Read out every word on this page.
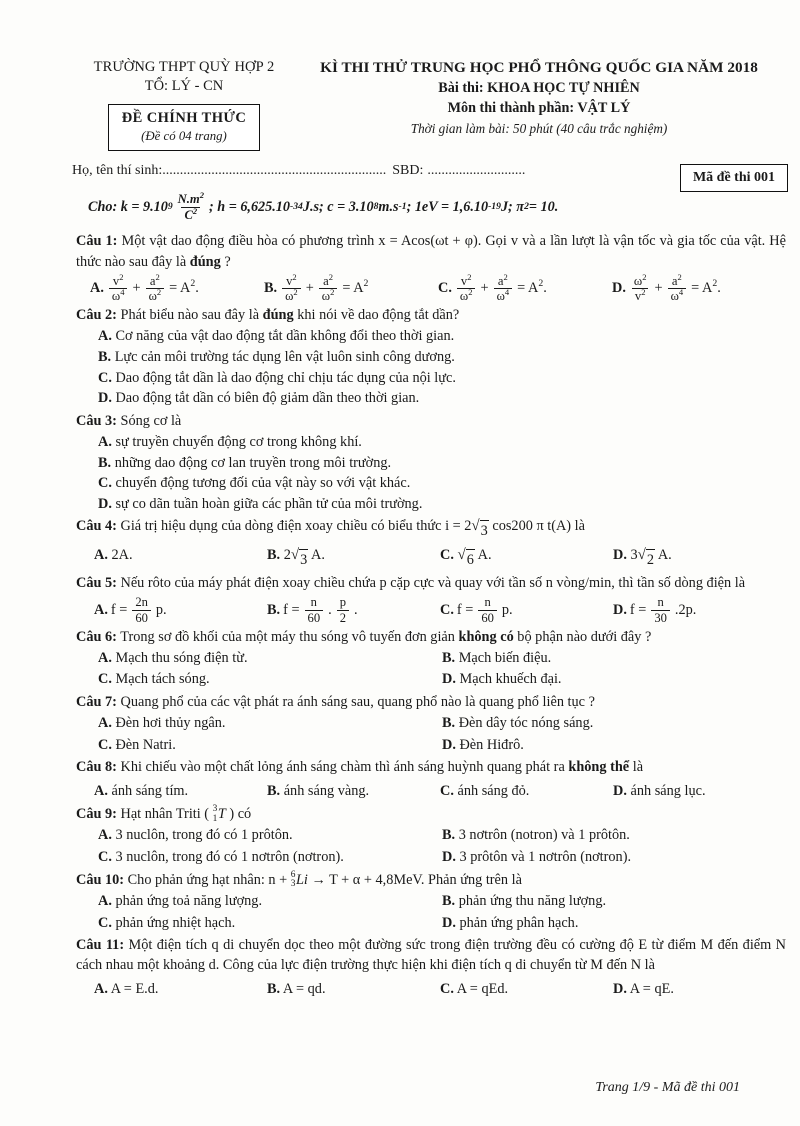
TRƯỜNG THPT QUỲ HỢP 2
TỔ: LÝ - CN
ĐỀ CHÍNH THỨC
(Đề có 04 trang)
KÌ THI THỬ TRUNG HỌC PHỔ THÔNG QUỐC GIA NĂM 2018
Bài thi: KHOA HỌC TỰ NHIÊN
Môn thi thành phần: VẬT LÝ
Thời gian làm bài: 50 phút (40 câu trắc nghiệm)
Mã đề thi 001
Họ, tên thí sinh: ................................................................ SBD: ............................
Cho: k = 9.10 $9 \frac{N.m^2}{C^2}$ ; h = 6,625.10 -34 J.s; c = 3.10 8 m.s -1 ; 1eV = 1,6.10 -19 J; π 2 = 10.
Câu 1: Một vật dao động điều hòa có phương trình x = Acos(ωt + φ). Gọi v và a lần lượt là vận tốc và gia tốc của vật. Hệ thức nào sau đây là đúng ?
A. $\frac{v^2}{\omega^4} + \frac{a^2}{\omega^2} = A^2$.	B. $\frac{v^2}{\omega^2} + \frac{a^2}{\omega^2} = A^2$	C. $\frac{v^2}{\omega^2} + \frac{a^2}{\omega^4} = A^2$.	D. $\frac{\omega^2}{v^2} + \frac{a^2}{\omega^4} = A^2$.
Câu 2: Phát biểu nào sau đây là đúng khi nói về dao động tắt dần?
A. Cơ năng của vật dao động tắt dần không đổi theo thời gian.
B. Lực cản môi trường tác dụng lên vật luôn sinh công dương.
C. Dao động tắt dần là dao động chỉ chịu tác dụng của nội lực.
D. Dao động tắt dần có biên độ giảm dần theo thời gian.
Câu 3: Sóng cơ là
A. sự truyền chuyển động cơ trong không khí.
B. những dao động cơ lan truyền trong môi trường.
C. chuyển động tương đối của vật này so với vật khác.
D. sự co dãn tuần hoàn giữa các phần tử của môi trường.
Câu 4: Giá trị hiệu dụng của dòng điện xoay chiều có biểu thức i = 2 √ 3 cos200 π t(A) là
A. 2A.	B. 2 √ 3 A.	C. √ 6 A.	D. 3 √ 2 A.
Câu 5: Nếu rôto của máy phát điện xoay chiều chứa p cặp cực và quay với tần số n vòng/min, thì tần số dòng điện là
A. $f = \frac{2n}{60} p$.	B. $f = \frac{n}{60}$ . $\frac{p}{2}$ .	C. $f = \frac{n}{60} p$.	D. $f = \frac{n}{30} .2p$.
Câu 6: Trong sơ đồ khối của một máy thu sóng vô tuyến đơn giản không có bộ phận nào dưới đây ?
A. Mạch thu sóng điện từ.	B. Mạch biến điệu.
C. Mạch tách sóng.	D. Mạch khuếch đại.
Câu 7: Quang phổ của các vật phát ra ánh sáng sau, quang phổ nào là quang phổ liên tục ?
A. Đèn hơi thủy ngân.	B. Đèn dây tóc nóng sáng.
C. Đèn Natri.	D. Đèn Hiđrô.
Câu 8: Khi chiếu vào một chất lỏng ánh sáng chàm thì ánh sáng huỳnh quang phát ra không thể là
A. ánh sáng tím.	B. ánh sáng vàng.	C. ánh sáng đỏ.	D. ánh sáng lục.
Câu 9: Hạt nhân Triti ( 3
1 T ) có
A. 3 nuclôn, trong đó có 1 prôtôn.	B. 3 nơtrôn (notron) và 1 prôtôn.
C. 3 nuclôn, trong đó có 1 nơtrôn (nơtron).	D. 3 prôtôn và 1 nơtrôn (nơtron).
Câu 10: Cho phản ứng hạt nhân: n + 6
3 Li → T + α + 4,8MeV. Phản ứng trên là
A. phản ứng toả năng lượng.	B. phản ứng thu năng lượng.
C. phản ứng nhiệt hạch.	D. phản ứng phân hạch.
Câu 11: Một điện tích q di chuyển dọc theo một đường sức trong điện trường đều có cường độ E từ điểm M đến điểm N cách nhau một khoảng d. Công của lực điện trường thực hiện khi điện tích q di chuyển từ M đến N là
A. A = E.d.	B. A = qd.	C. A = qEd.	D. A = qE.
Trang 1/9 - Mã đề thi 001
